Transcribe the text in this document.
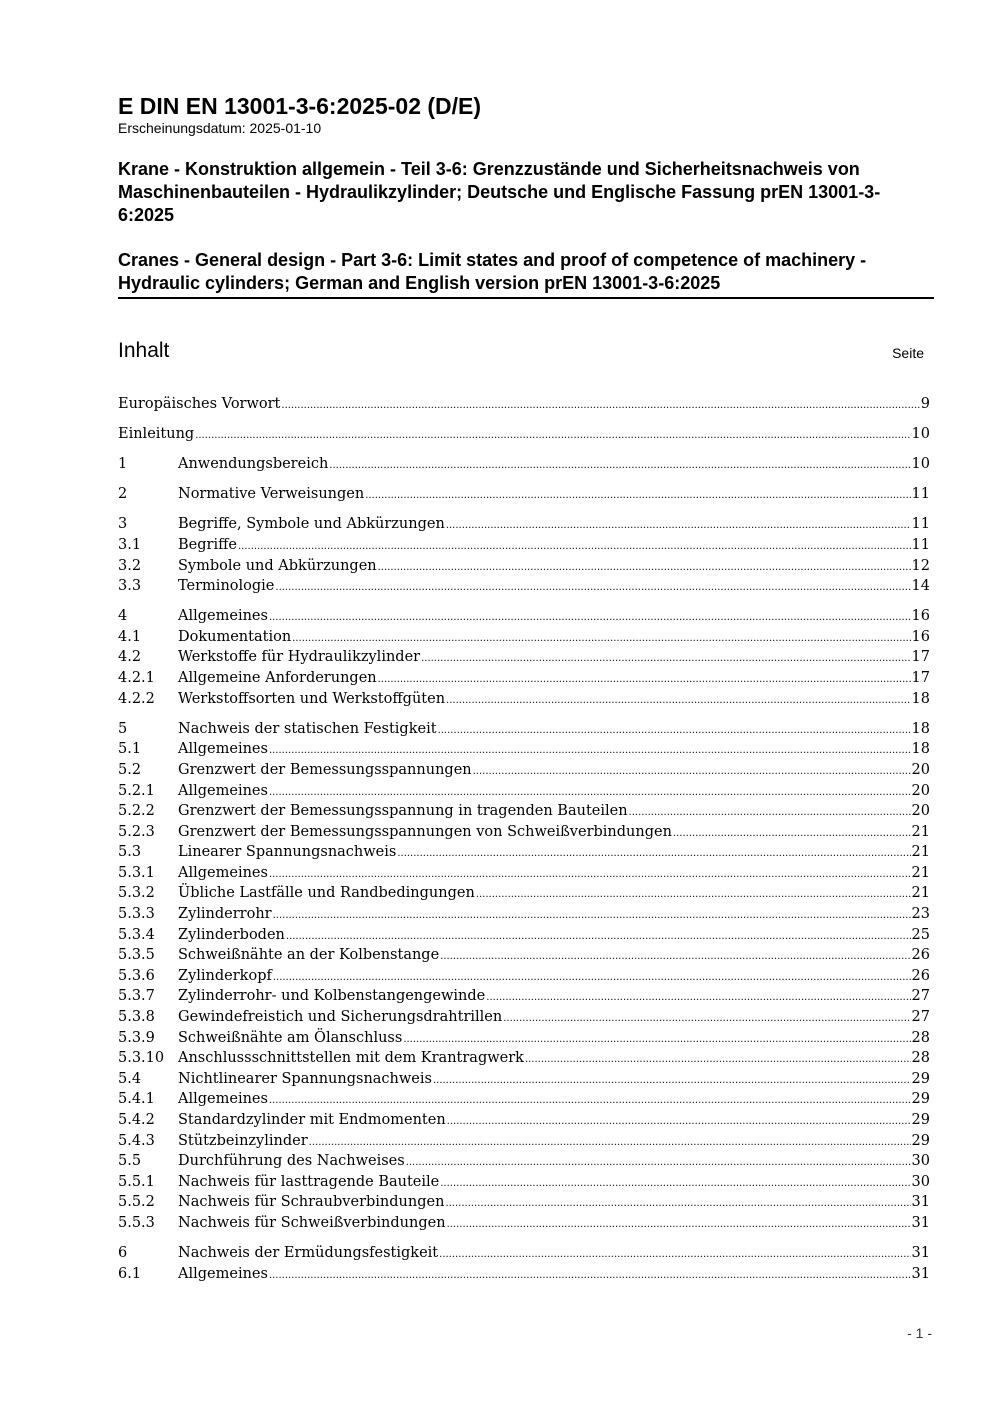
E DIN EN 13001-3-6:2025-02 (D/E)
Erscheinungsdatum: 2025-01-10
Krane - Konstruktion allgemein - Teil 3-6: Grenzzustände und Sicherheitsnachweis von Maschinenbauteilen - Hydraulikzylinder; Deutsche und Englische Fassung prEN 13001-3-6:2025
Cranes - General design - Part 3-6: Limit states and proof of competence of machinery - Hydraulic cylinders; German and English version prEN 13001-3-6:2025
Inhalt	Seite
Europäisches Vorwort .....	9
Einleitung .....	10
1	Anwendungsbereich .....	10
2	Normative Verweisungen .....	11
3	Begriffe, Symbole und Abkürzungen .....	11
3.1	Begriffe .....	11
3.2	Symbole und Abkürzungen .....	12
3.3	Terminologie .....	14
4	Allgemeines .....	16
4.1	Dokumentation .....	16
4.2	Werkstoffe für Hydraulikzylinder .....	17
4.2.1 Allgemeine Anforderungen .....	17
4.2.2 Werkstoffsorten und Werkstoffgüten .....	18
5	Nachweis der statischen Festigkeit .....	18
5.1	Allgemeines .....	18
5.2	Grenzwert der Bemessungsspannungen .....	20
5.2.1 Allgemeines .....	20
5.2.2 Grenzwert der Bemessungsspannung in tragenden Bauteilen .....	20
5.2.3 Grenzwert der Bemessungsspannungen von Schweißverbindungen .....	21
5.3	Linearer Spannungsnachweis .....	21
5.3.1 Allgemeines .....	21
5.3.2 Übliche Lastfälle und Randbedingungen .....	21
5.3.3 Zylinderrohr .....	23
5.3.4 Zylinderboden .....	25
5.3.5 Schweißnähte an der Kolbenstange .....	26
5.3.6 Zylinderkopf .....	26
5.3.7 Zylinderrohr- und Kolbenstangengewinde .....	27
5.3.8 Gewindefreistich und Sicherungsdrahtrillen .....	27
5.3.9 Schweißnähte am Ölanschluss .....	28
5.3.10 Anschlussschnittstellen mit dem Krantragwerk .....	28
5.4	Nichtlinearer Spannungsnachweis .....	29
5.4.1 Allgemeines .....	29
5.4.2 Standardzylinder mit Endmomenten .....	29
5.4.3 Stützbeinzylinder .....	29
5.5	Durchführung des Nachweises .....	30
5.5.1 Nachweis für lasttragende Bauteile .....	30
5.5.2 Nachweis für Schraubverbindungen .....	31
5.5.3 Nachweis für Schweißverbindungen .....	31
6	Nachweis der Ermüdungsfestigkeit .....	31
6.1	Allgemeines .....	31
- 1 -
